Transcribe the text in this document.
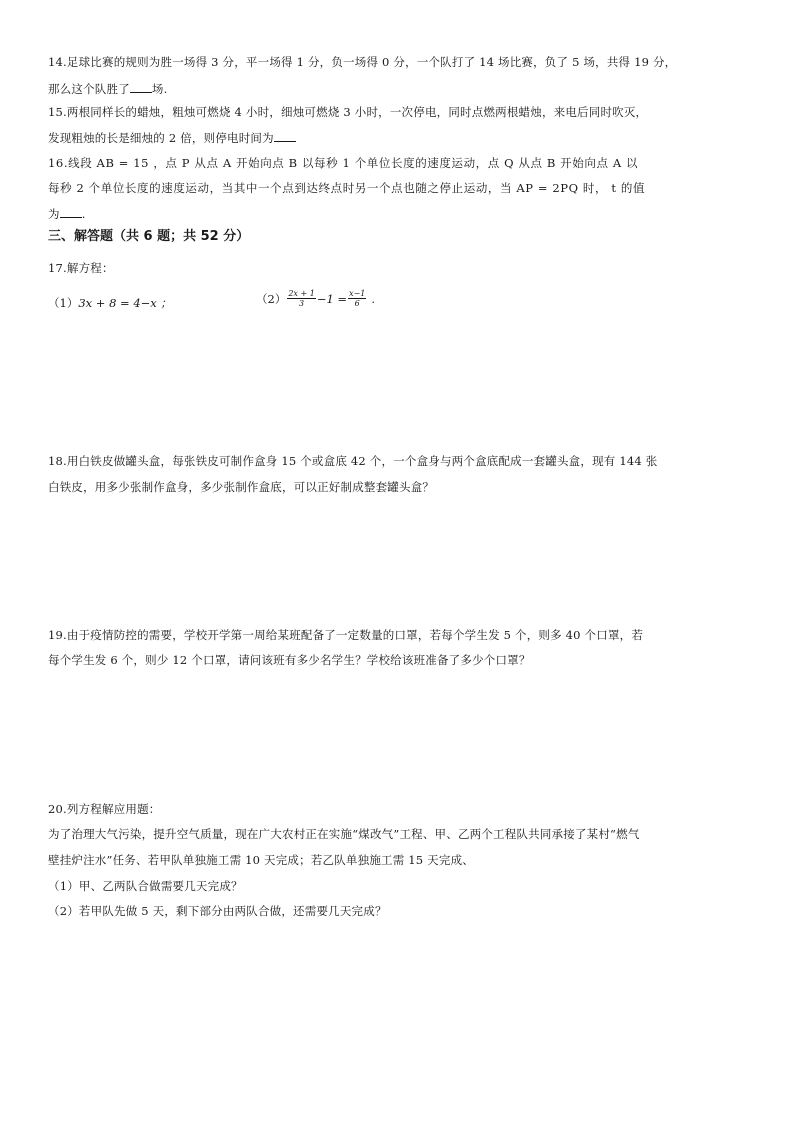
14.足球比赛的规则为胜一场得 3 分，平一场得 1 分，负一场得 0 分，一个队打了 14 场比赛，负了 5 场，共得 19 分，
那么这个队胜了 场.
15.两根同样长的蜡烛，粗烛可燃烧 4 小时，细烛可燃烧 3 小时，一次停电，同时点燃两根蜡烛，来电后同时吹灭，
发现粗烛的长是细烛的 2 倍，则停电时间为
16.线段 AB = 15 ，点 P 从点 A 开始向点 B 以每秒 1 个单位长度的速度运动，点 Q 从点 B 开始向点 A 以
每秒 2 个单位长度的速度运动，当其中一个点到达终点时另一个点也随之停止运动，当 AP = 2PQ 时， t 的值
为 .
三、解答题（共 6 题；共 52 分）
17.解方程：
（1）3x + 8 = 4−x ；	$(2) \frac{2x + 1}{3} -1 = \frac{x-1}{6}$ .
18.用白铁皮做罐头盒，每张铁皮可制作盒身 15 个或盒底 42 个，一个盒身与两个盒底配成一套罐头盒，现有 144 张
白铁皮，用多少张制作盒身，多少张制作盒底，可以正好制成整套罐头盒？
19.由于疫情防控的需要，学校开学第一周给某班配备了一定数量的口罩，若每个学生发 5 个，则多 40 个口罩，若
每个学生发 6 个，则少 12 个口罩，请问该班有多少名学生？学校给该班准备了多少个口罩？
20.列方程解应用题：
为了治理大气污染，提升空气质量，现在广大农村正在实施“煤改气”工程、甲、乙两个工程队共同承接了某村“燃气
壁挂炉注水”任务、若甲队单独施工需 10 天完成；若乙队单独施工需 15 天完成、
（1）甲、乙两队合做需要几天完成？
（2）若甲队先做 5 天，剩下部分由两队合做，还需要几天完成？
